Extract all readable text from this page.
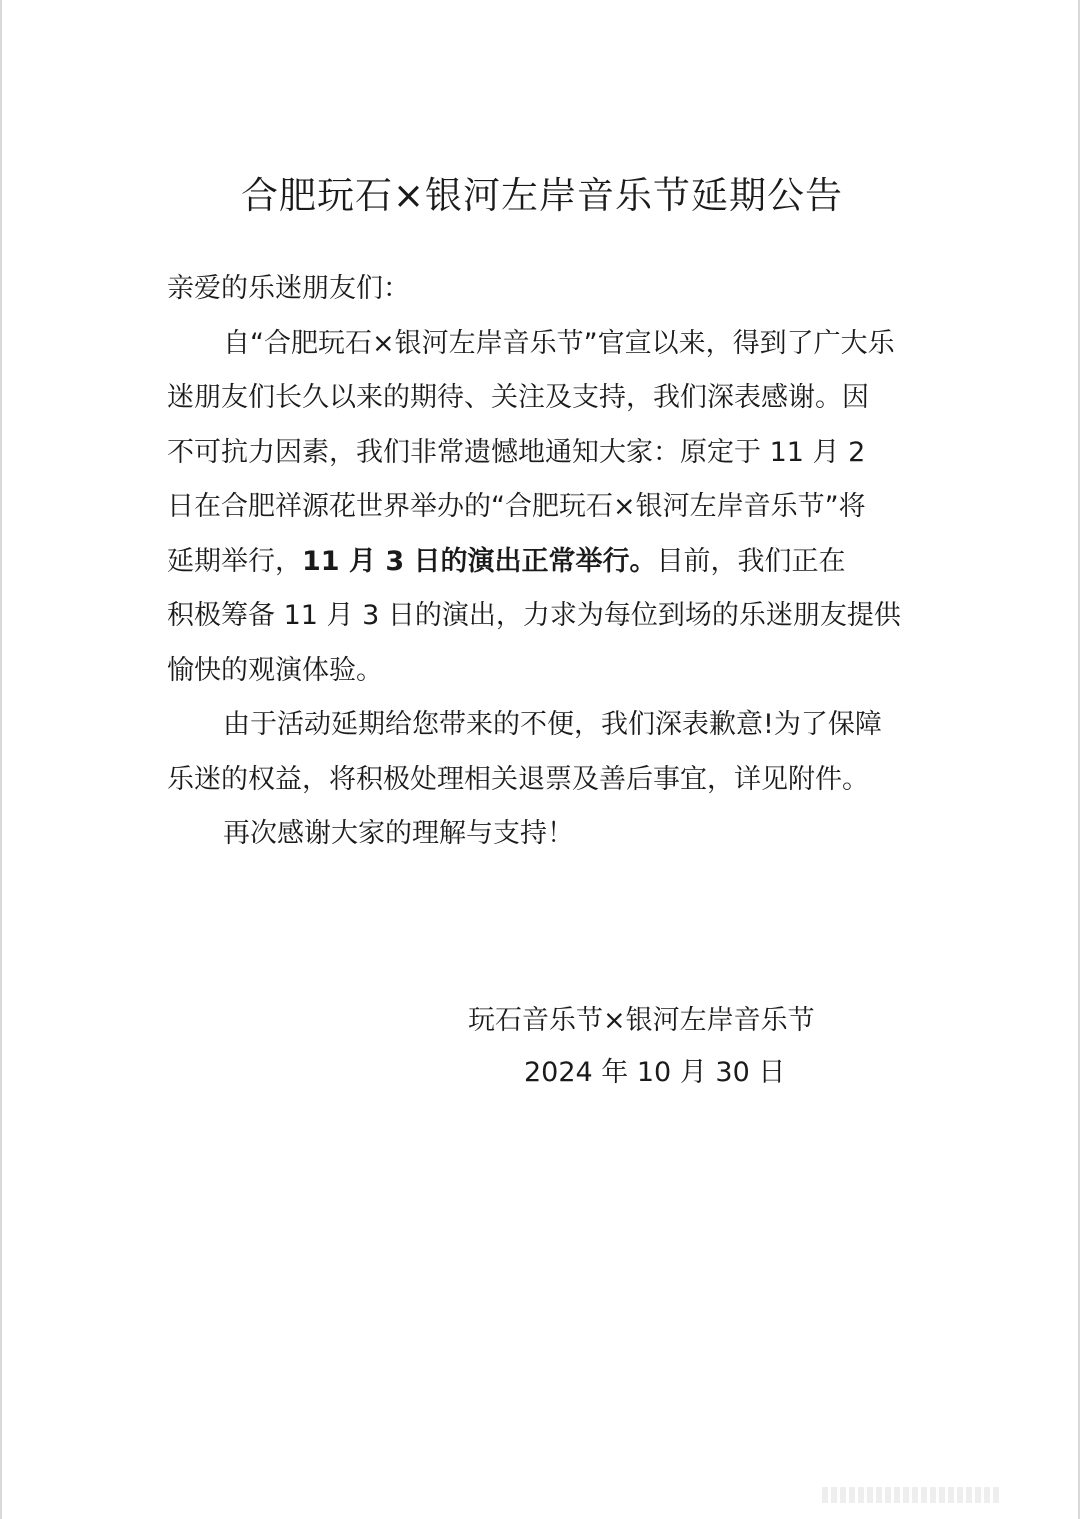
合肥玩石×银河左岸音乐节延期公告
亲爱的乐迷朋友们：
自“合肥玩石×银河左岸音乐节”官宣以来，得到了广大乐
迷朋友们长久以来的期待、关注及支持，我们深表感谢。因
不可抗力因素，我们非常遗憾地通知大家：原定于 11 月 2
日在合肥祥源花世界举办的“合肥玩石×银河左岸音乐节”将
延期举行，11 月 3 日的演出正常举行。目前，我们正在
积极筹备 11 月 3 日的演出，力求为每位到场的乐迷朋友提供
愉快的观演体验。
由于活动延期给您带来的不便，我们深表歉意!为了保障
乐迷的权益，将积极处理相关退票及善后事宜，详见附件。
再次感谢大家的理解与支持！
玩石音乐节×银河左岸音乐节
2024 年 10 月 30 日
